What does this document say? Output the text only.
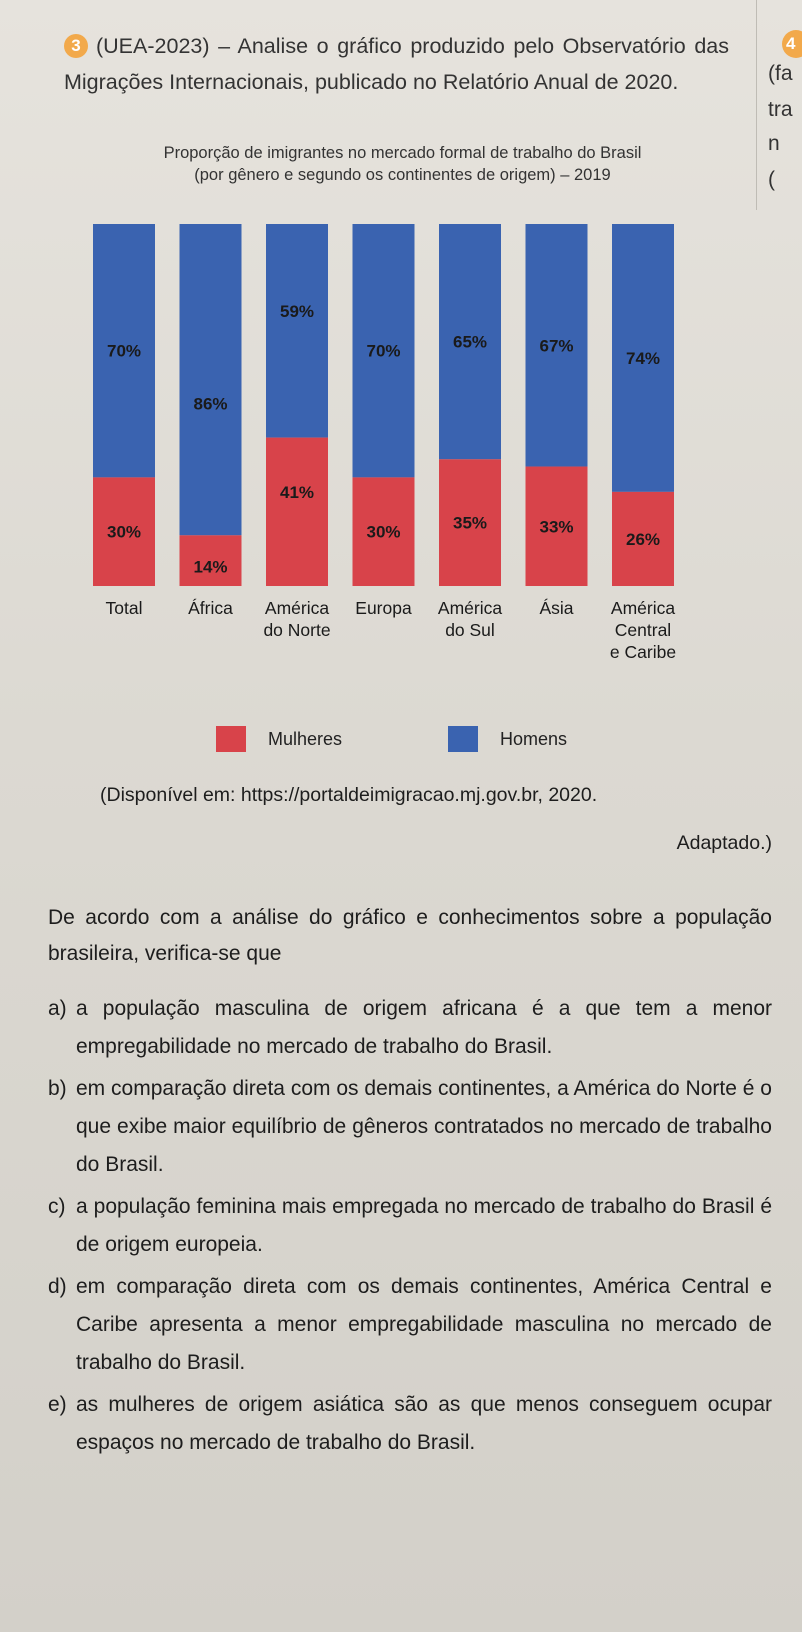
3 (UEA-2023) – Analise o gráfico produzido pelo Observatório das Migrações Internacionais, publicado no Relatório Anual de 2020.
4
(fa
tra
n
(
Proporção de imigrantes no mercado formal de trabalho do Brasil
(por gênero e segundo os continentes de origem) – 2019
70%
30%
Total
86%
14%
África
59%
41%
América
do Norte
70%
30%
Europa
65%
35%
América
do Sul
67%
33%
Ásia
74%
26%
América
Central
e Caribe
Mulheres	Homens
(Disponível em: https://portaldeimigracao.mj.gov.br, 2020.
Adaptado.)
De acordo com a análise do gráfico e conhecimentos sobre a população brasileira, verifica-se que
a) a população masculina de origem africana é a que tem a menor empregabilidade no mercado de trabalho do Brasil.
b) em comparação direta com os demais continentes, a América do Norte é o que exibe maior equilíbrio de gêneros contratados no mercado de trabalho do Brasil.
c) a população feminina mais empregada no mercado de trabalho do Brasil é de origem europeia.
d) em comparação direta com os demais continentes, América Central e Caribe apresenta a menor empregabilidade masculina no mercado de trabalho do Brasil.
e) as mulheres de origem asiática são as que menos conseguem ocupar espaços no mercado de trabalho do Brasil.
